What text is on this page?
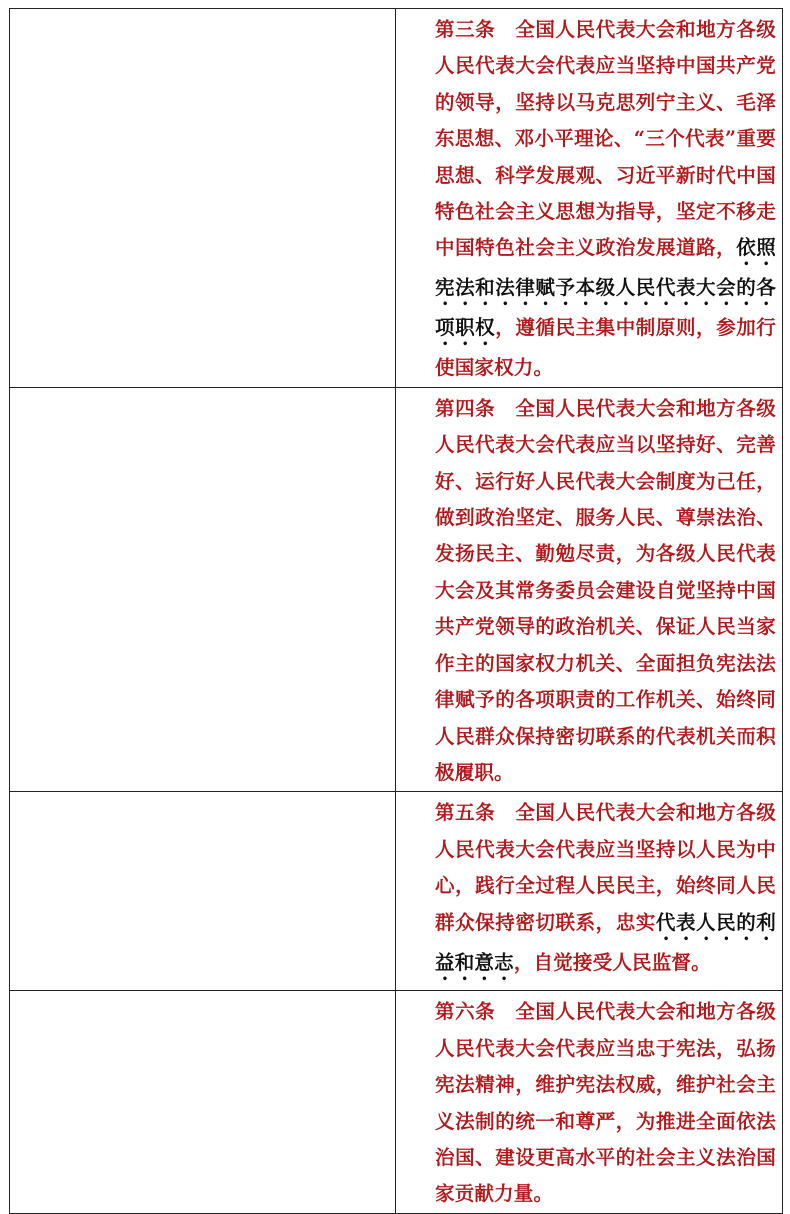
	第三条　 全国人民代表大会和地方各级人民代表大会代表应当坚持中国共产党的领导，坚持以马克思列宁主义、毛泽东思想、邓小平理论、“三个代表”重要思想、科学发展观、习近平新时代中国特色社会主义思想为指导，坚定不移走中国特色社会主义政治发展道路，依照宪法和法律赋予本级人民代表大会的各项职权，遵循民主集中制原则，参加行使国家权力。

	第四条　 全国人民代表大会和地方各级人民代表大会代表应当以坚持好、完善好、运行好人民代表大会制度为己任，做到政治坚定、服务人民、尊崇法治、发扬民主、勤勉尽责，为各级人民代表大会及其常务委员会建设自觉坚持中国共产党领导的政治机关、保证人民当家作主的国家权力机关、全面担负宪法法律赋予的各项职责的工作机关、始终同人民群众保持密切联系的代表机关而积极履职。

	第五条　 全国人民代表大会和地方各级人民代表大会代表应当坚持以人民为中心，践行全过程人民民主，始终同人民群众保持密切联系，忠实代表人民的利益和意志，自觉接受人民监督。

	第六条　 全国人民代表大会和地方各级人民代表大会代表应当忠于宪法，弘扬宪法精神，维护宪法权威，维护社会主义法制的统一和尊严，为推进全面依法治国、建设更高水平的社会主义法治国家贡献力量。
